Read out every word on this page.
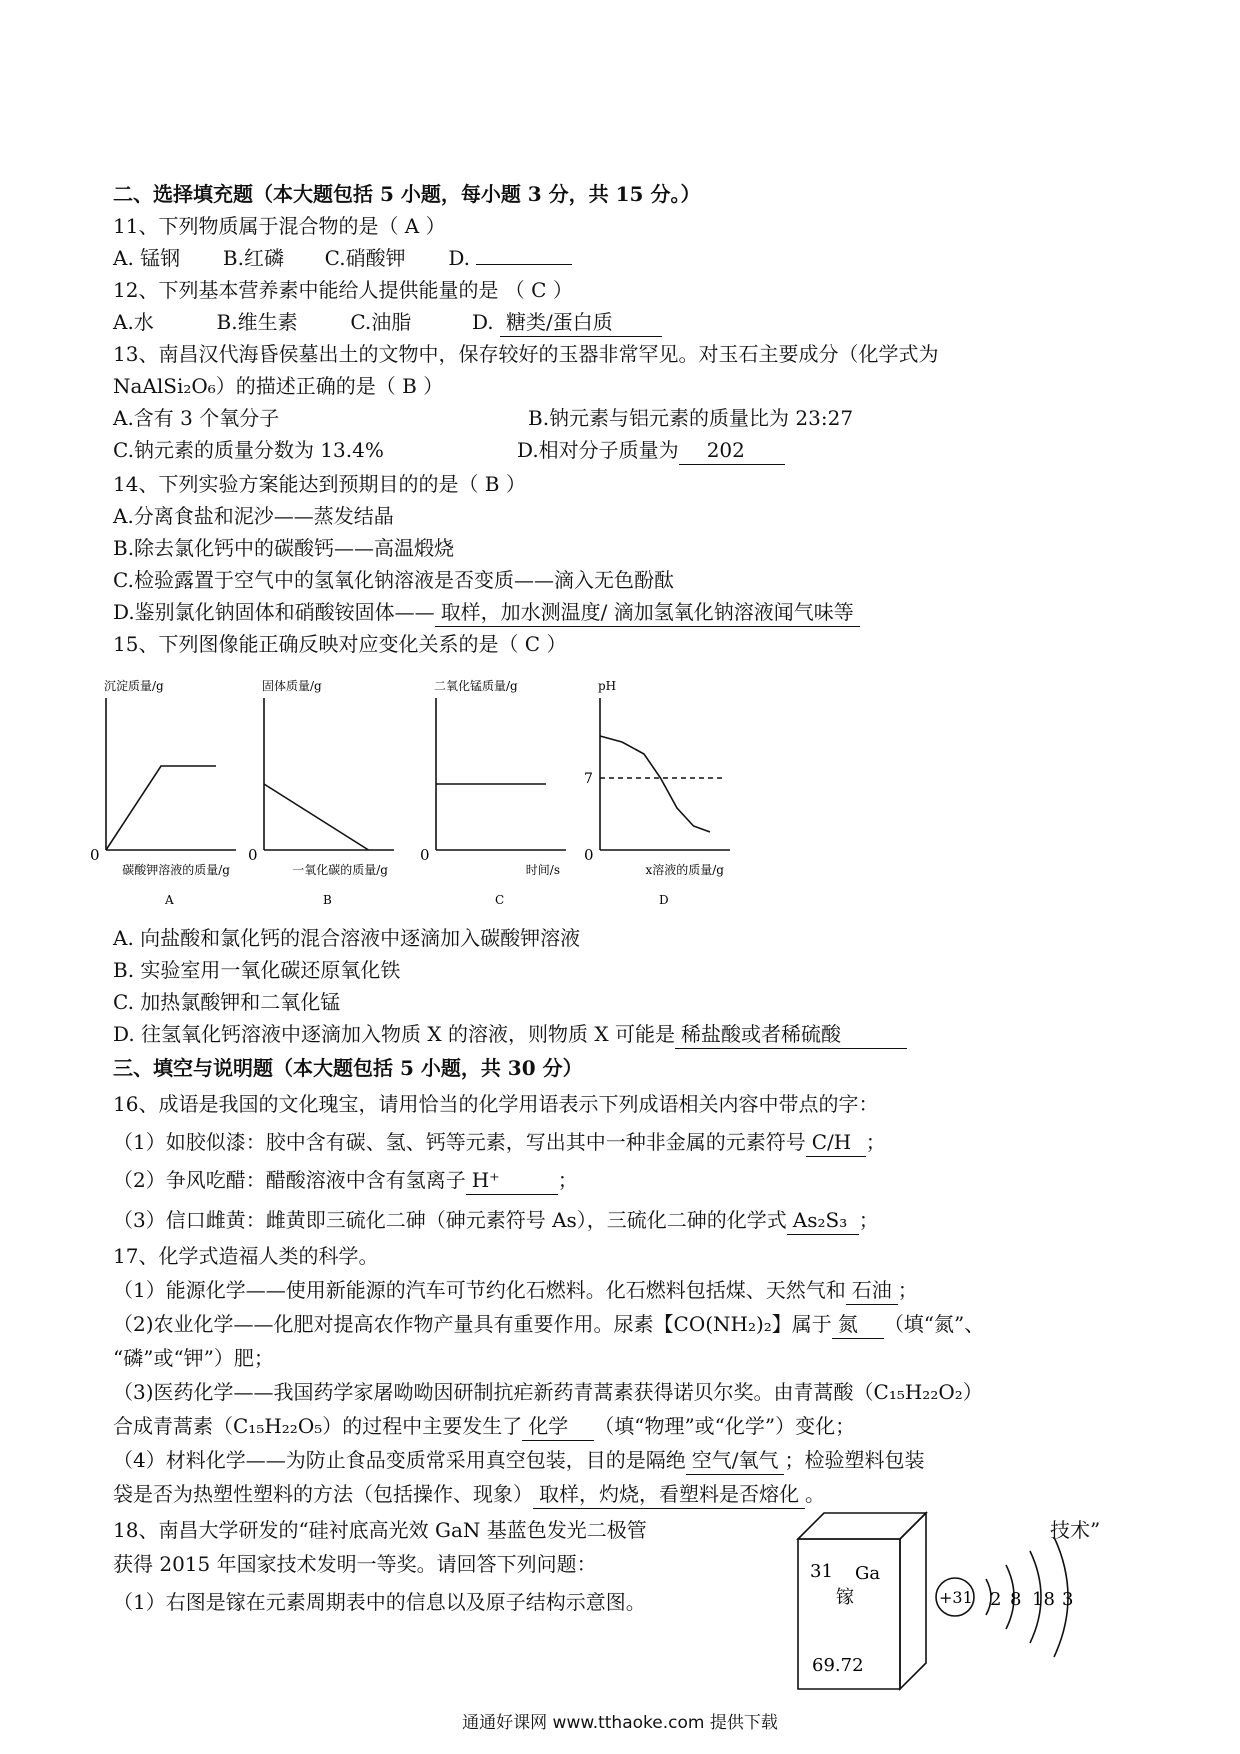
二、选择填充题（本大题包括 5 小题，每小题 3 分，共 15 分。）
11、下列物质属于混合物的是（ A ）
A. 锰钢 B.红磷 C.硝酸钾 D.
12、下列基本营养素中能给人提供能量的是 （ C ）
A.水	B.维生素	C.油脂	D. 糖类/蛋白质
13、南昌汉代海昏侯墓出土的文物中，保存较好的玉器非常罕见。对玉石主要成分（化学式为
NaAlSi₂O₆）的描述正确的是（ B ）
A.含有 3 个氧分子	B.钠元素与铝元素的质量比为 23:27
C.钠元素的质量分数为 13.4%	D.相对分子质量为 202
14、下列实验方案能达到预期目的的是（ B ）
A.分离食盐和泥沙——蒸发结晶
B.除去氯化钙中的碳酸钙——高温煅烧
C.检验露置于空气中的氢氧化钠溶液是否变质——滴入无色酚酞
D.鉴别氯化钠固体和硝酸铵固体—— 取样，加水测温度/ 滴加氢氧化钠溶液闻气味等
15、下列图像能正确反映对应变化关系的是（ C ）
沉淀质量/g
0
碳酸钾溶液的质量/g
A
固体质量/g
0
一氧化碳的质量/g
B
二氧化锰质量/g
0
时间/s
C
pH
0
x溶液的质量/g
D
7
A. 向盐酸和氯化钙的混合溶液中逐滴加入碳酸钾溶液
B. 实验室用一氧化碳还原氧化铁
C. 加热氯酸钾和二氧化锰
D. 往氢氧化钙溶液中逐滴加入物质 X 的溶液，则物质 X 可能是 稀盐酸或者稀硫酸
三、填空与说明题（本大题包括 5 小题，共 30 分）
16、成语是我国的文化瑰宝，请用恰当的化学用语表示下列成语相关内容中带点的字：
（1）如胶似漆：胶中含有碳、氢、钙等元素，写出其中一种非金属的元素符号 C/H ；
（2）争风吃醋：醋酸溶液中含有氢离子 H⁺	；
（3）信口雌黄：雌黄即三硫化二砷（砷元素符号 As），三硫化二砷的化学式 As₂S₃ ；
17、化学式造福人类的科学。
（1）能源化学——使用新能源的汽车可节约化石燃料。化石燃料包括煤、天然气和 石油 ；
（2)农业化学——化肥对提高农作物产量具有重要作用。尿素【CO(NH₂)₂】属于 氮 （填“氮”、
“磷”或“钾”）肥；
（3)医药化学——我国药学家屠呦呦因研制抗疟新药青蒿素获得诺贝尔奖。由青蒿酸（C₁₅H₂₂O₂）
合成青蒿素（C₁₅H₂₂O₅）的过程中主要发生了 化学 （填“物理”或“化学”）变化；
（4）材料化学——为防止食品变质常采用真空包装，目的是隔绝 空气/氧气 ；检验塑料包装
袋是否为热塑性塑料的方法（包括操作、现象） 取样，灼烧，看塑料是否熔化 。
18、南昌大学研发的“硅衬底高光效 GaN 基蓝色发光二极管	技术”
获得 2015 年国家技术发明一等奖。请回答下列问题：
（1）右图是镓在元素周期表中的信息以及原子结构示意图。
31 Ga
镓
69.72
+31 2 8 18 3
通通好课网 www.tthaoke.com 提供下载
